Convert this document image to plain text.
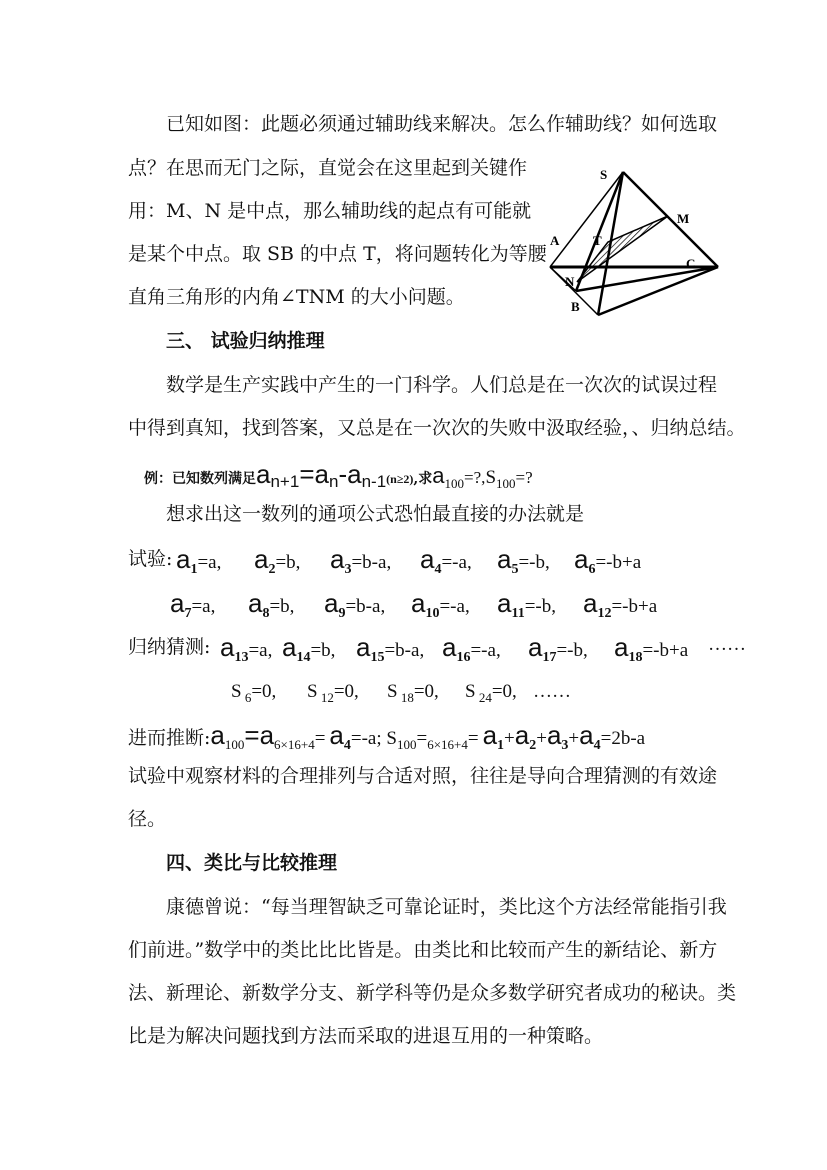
已知如图：此题必须通过辅助线来解决。怎么作辅助线？如何选取
点？在思而无门之际，直觉会在这里起到关键作
用：M、N 是中点，那么辅助线的起点有可能就
是某个中点。取 SB 的中点 T，将问题转化为等腰
直角三角形的内角∠TNM 的大小问题。
S
M
A	T
C
N
B
三、 试验归纳推理
数学是生产实践中产生的一门科学。人们总是在一次次的试误过程
中得到真知，找到答案，又总是在一次次的失败中汲取经验，、归纳总结。
例：已知数列满足an+1=an-an-1(n≥2),求$a_{100}=?,S_{100}=$?
想求出这一数列的通项公式恐怕最直接的办法就是
试验: $a_1=a$, $a_2=b$, $a_3=b-a$, $a_4=-a$, $a_5=-b$, $a_6=-b+a$
$a_7=a$, $a_8=b$, $a_9=b-a$, $a_{10}=-a$, $a_{11}=-b$, $a_{12}=-b+a$
归纳猜测: $a_{13}=a$, $a_{14}=b$, $a_{15}=b-a$, $a_{16}=-a$, $a_{17}=-b$, $a_{18}=-b+a$	……
S $_6$=0, S $_{12}$=0, S $_{18}$=0, S $_{24}$=0, ……
进而推断$:a_{100}=a_{6\times 16+4}= a_4=-a$; $S_{100}=_{6\times 16+4}= a_1+a_2+a_3+a_4=2b-a$
试验中观察材料的合理排列与合适对照，往往是导向合理猜测的有效途
径。
四、类比与比较推理
康德曾说：“每当理智缺乏可靠论证时，类比这个方法经常能指引我
们前进。”数学中的类比比比皆是。由类比和比较而产生的新结论、新方
法、新理论、新数学分支、新学科等仍是众多数学研究者成功的秘诀。类
比是为解决问题找到方法而采取的进退互用的一种策略。
